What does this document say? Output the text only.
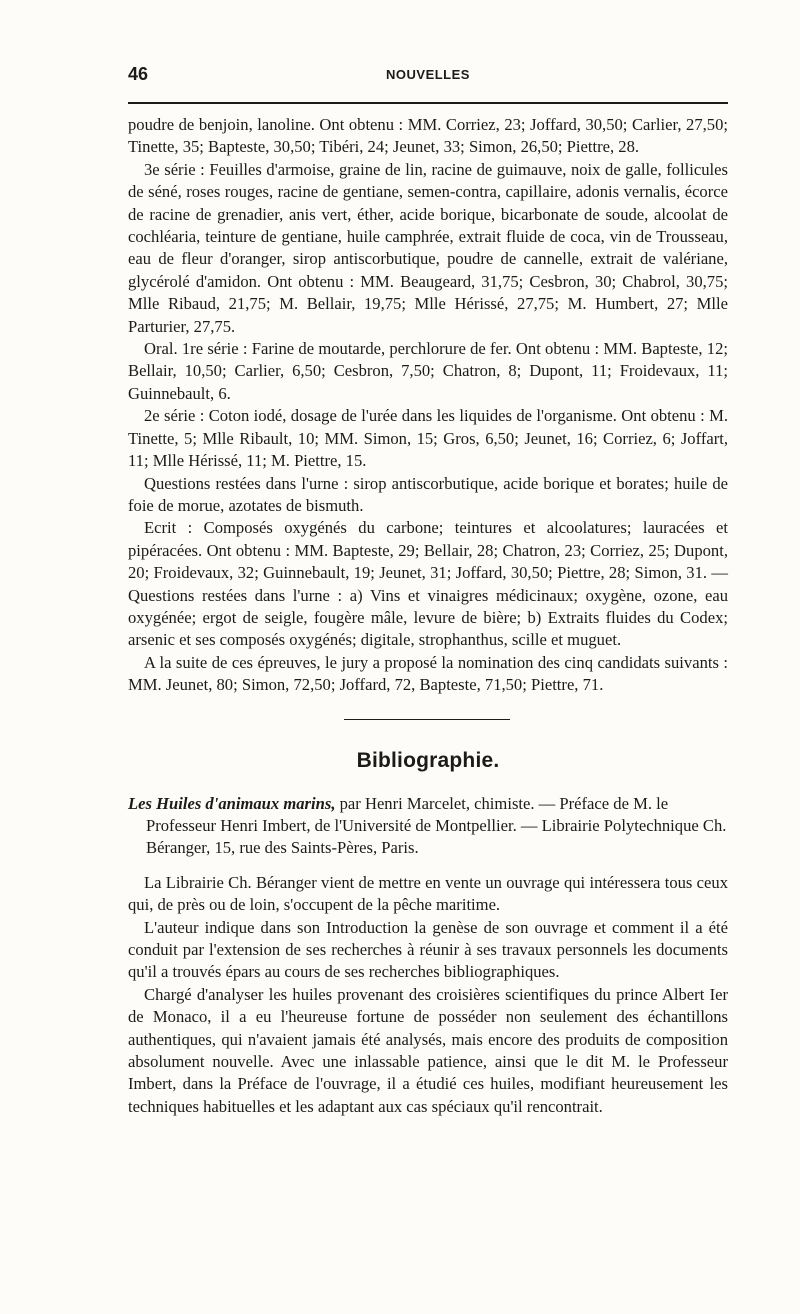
46	NOUVELLES

poudre de benjoin, lanoline. Ont obtenu : MM. Corriez, 23; Joffard, 30,50; Carlier, 27,50; Tinette, 35; Bapteste, 30,50; Tibéri, 24; Jeunet, 33; Simon, 26,50; Piettre, 28.

3e série : Feuilles d'armoise, graine de lin, racine de guimauve, noix de galle, follicules de séné, roses rouges, racine de gentiane, semen-contra, capillaire, adonis vernalis, écorce de racine de grenadier, anis vert, éther, acide borique, bicarbonate de soude, alcoolat de cochléaria, teinture de gentiane, huile camphrée, extrait fluide de coca, vin de Trousseau, eau de fleur d'oranger, sirop antiscorbutique, poudre de cannelle, extrait de valériane, glycérolé d'amidon. Ont obtenu : MM. Beaugeard, 31,75; Cesbron, 30; Chabrol, 30,75; Mlle Ribaud, 21,75; M. Bellair, 19,75; Mlle Hérissé, 27,75; M. Humbert, 27; Mlle Parturier, 27,75.

Oral. 1re série : Farine de moutarde, perchlorure de fer. Ont obtenu : MM. Bapteste, 12; Bellair, 10,50; Carlier, 6,50; Cesbron, 7,50; Chatron, 8; Dupont, 11; Froidevaux, 11; Guinnebault, 6.

2e série : Coton iodé, dosage de l'urée dans les liquides de l'organisme. Ont obtenu : M. Tinette, 5; Mlle Ribault, 10; MM. Simon, 15; Gros, 6,50; Jeunet, 16; Corriez, 6; Joffart, 11; Mlle Hérissé, 11; M. Piettre, 15.

Questions restées dans l'urne : sirop antiscorbutique, acide borique et borates; huile de foie de morue, azotates de bismuth.

Ecrit : Composés oxygénés du carbone; teintures et alcoolatures; lauracées et pipéracées. Ont obtenu : MM. Bapteste, 29; Bellair, 28; Chatron, 23; Corriez, 25; Dupont, 20; Froidevaux, 32; Guinnebault, 19; Jeunet, 31; Joffard, 30,50; Piettre, 28; Simon, 31. — Questions restées dans l'urne : a) Vins et vinaigres médicinaux; oxygène, ozone, eau oxygénée; ergot de seigle, fougère mâle, levure de bière; b) Extraits fluides du Codex; arsenic et ses composés oxygénés; digitale, strophanthus, scille et muguet.

A la suite de ces épreuves, le jury a proposé la nomination des cinq candidats suivants : MM. Jeunet, 80; Simon, 72,50; Joffard, 72, Bapteste, 71,50; Piettre, 71.

Bibliographie.

Les Huiles d'animaux marins, par Henri Marcelet, chimiste. — Préface de M. le Professeur Henri Imbert, de l'Université de Montpellier. — Librairie Polytechnique Ch. Béranger, 15, rue des Saints-Pères, Paris.

La Librairie Ch. Béranger vient de mettre en vente un ouvrage qui intéressera tous ceux qui, de près ou de loin, s'occupent de la pêche maritime.

L'auteur indique dans son Introduction la genèse de son ouvrage et comment il a été conduit par l'extension de ses recherches à réunir à ses travaux personnels les documents qu'il a trouvés épars au cours de ses recherches bibliographiques.

Chargé d'analyser les huiles provenant des croisières scientifiques du prince Albert Ier de Monaco, il a eu l'heureuse fortune de posséder non seulement des échantillons authentiques, qui n'avaient jamais été analysés, mais encore des produits de composition absolument nouvelle. Avec une inlassable patience, ainsi que le dit M. le Professeur Imbert, dans la Préface de l'ouvrage, il a étudié ces huiles, modifiant heureusement les techniques habituelles et les adaptant aux cas spéciaux qu'il rencontrait.
